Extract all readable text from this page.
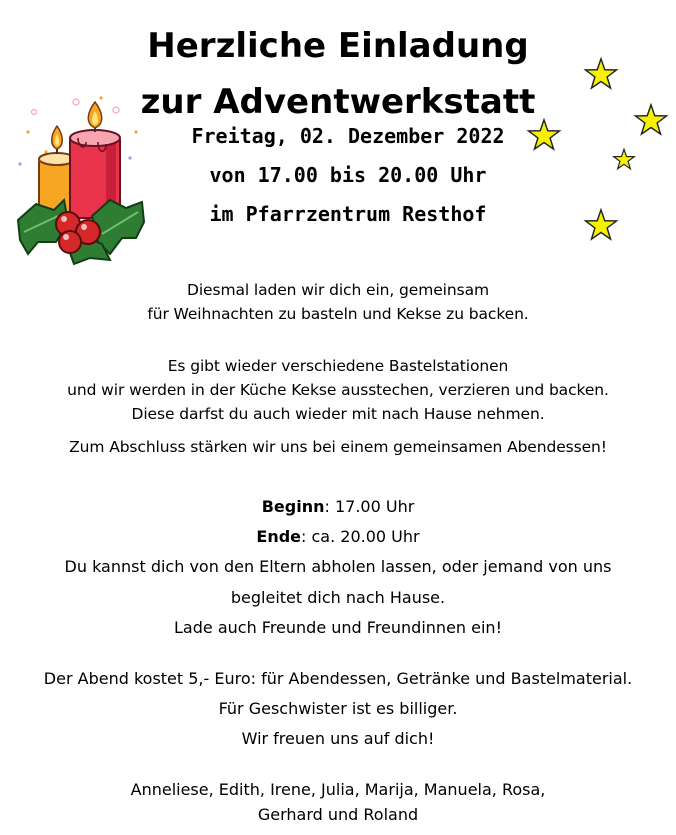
Herzliche Einladung
zur Adventwerkstatt
Freitag, 02. Dezember 2022
von 17.00 bis 20.00 Uhr
im Pfarrzentrum Resthof
Diesmal laden wir dich ein, gemeinsam
für Weihnachten zu basteln und Kekse zu backen.
Es gibt wieder verschiedene Bastelstationen
und wir werden in der Küche Kekse ausstechen, verzieren und backen.
Diese darfst du auch wieder mit nach Hause nehmen.
Zum Abschluss stärken wir uns bei einem gemeinsamen Abendessen!
Beginn: 17.00 Uhr
Ende: ca. 20.00 Uhr
Du kannst dich von den Eltern abholen lassen, oder jemand von uns
begleitet dich nach Hause.
Lade auch Freunde und Freundinnen ein!
Der Abend kostet 5,- Euro: für Abendessen, Getränke und Bastelmaterial.
Für Geschwister ist es billiger.
Wir freuen uns auf dich!
Anneliese, Edith, Irene, Julia, Marija, Manuela, Rosa,
Gerhard und Roland
